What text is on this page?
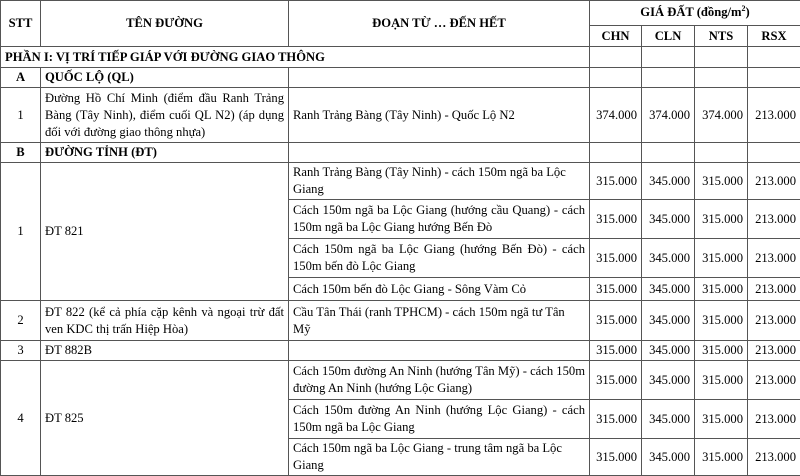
STT	TÊN ĐƯỜNG	ĐOẠN TỪ … ĐẾN HẾT	GIÁ ĐẤT $(đồng/m^2)$			
			CHN	CLN	NTS	RSX
PHẦN I: VỊ TRÍ TIẾP GIÁP VỚI ĐƯỜNG GIAO THÔNG						
A	QUỐC LỘ (QL)					
1	Đường Hồ Chí Minh (điểm đầu Ranh Trảng Bàng (Tây Ninh), điểm cuối QL N2) (áp dụng đối với đường giao thông nhựa)	Ranh Trảng Bàng (Tây Ninh) - Quốc Lộ N2	374.000	374.000	374.000	213.000
B	ĐƯỜNG TỈNH (ĐT)					
1	ĐT 821	Ranh Trảng Bàng (Tây Ninh) - cách 150m ngã ba Lộc Giang	315.000	345.000	315.000	213.000
		Cách 150m ngã ba Lộc Giang (hướng cầu Quang) - cách 150m ngã ba Lộc Giang hướng Bến Đò	315.000	345.000	315.000	213.000
		Cách 150m ngã ba Lộc Giang (hướng Bến Đò) - cách 150m bến đò Lộc Giang	315.000	345.000	315.000	213.000
		Cách 150m bến đò Lộc Giang - Sông Vàm Cỏ	315.000	345.000	315.000	213.000
2	ĐT 822 (kể cả phía cặp kênh và ngoại trừ đất ven KDC thị trấn Hiệp Hòa)	Cầu Tân Thái (ranh TPHCM) - cách 150m ngã tư Tân Mỹ	315.000	345.000	315.000	213.000
3	ĐT 882B		315.000	345.000	315.000	213.000
4	ĐT 825	Cách 150m đường An Ninh (hướng Tân Mỹ) - cách 150m đường An Ninh (hướng Lộc Giang)	315.000	345.000	315.000	213.000
		Cách 150m đường An Ninh (hướng Lộc Giang) - cách 150m ngã ba Lộc Giang	315.000	345.000	315.000	213.000
		Cách 150m ngã ba Lộc Giang - trung tâm ngã ba Lộc Giang	315.000	345.000	315.000	213.000
